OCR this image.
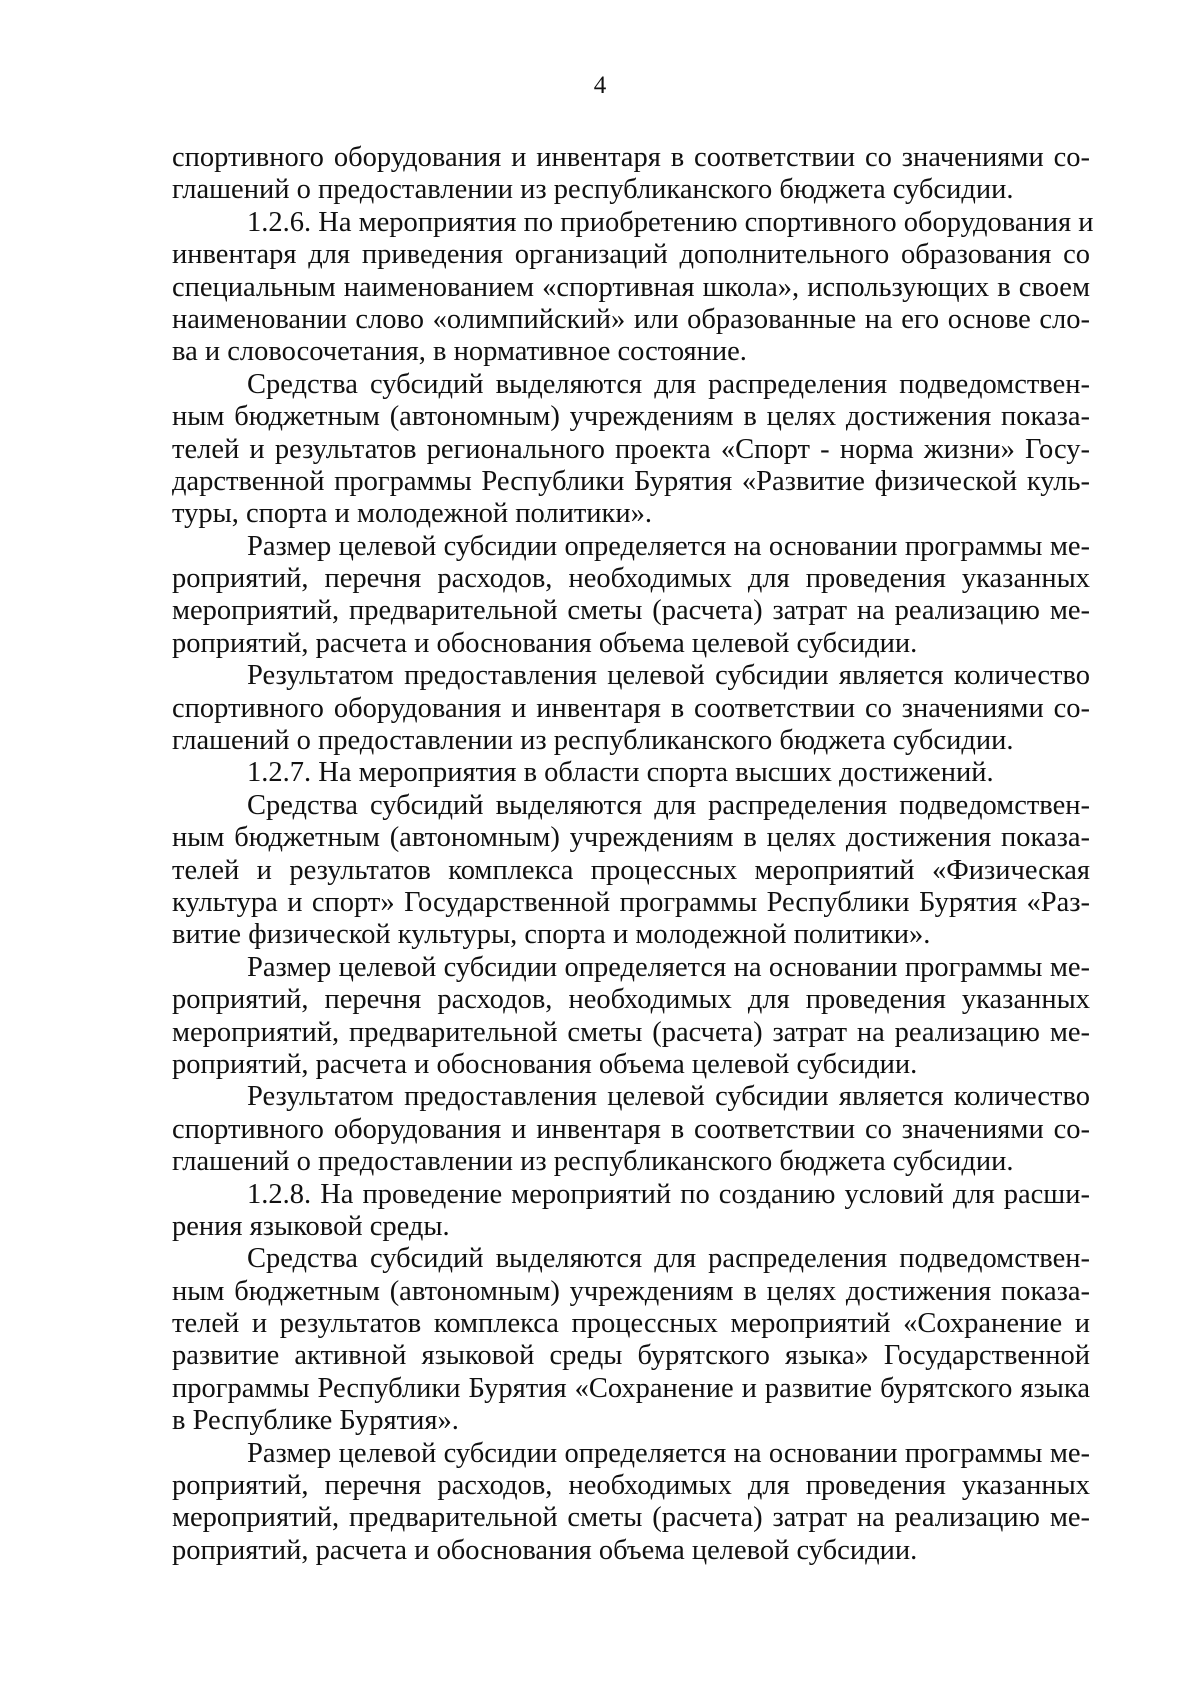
4
спортивного оборудования и инвентаря в соответствии со значениями со-
глашений о предоставлении из республиканского бюджета субсидии.
1.2.6. На мероприятия по приобретению спортивного оборудования и
инвентаря для приведения организаций дополнительного образования со
специальным наименованием «спортивная школа», использующих в своем
наименовании слово «олимпийский» или образованные на его основе сло-
ва и словосочетания, в нормативное состояние.
Средства субсидий выделяются для распределения подведомствен-
ным бюджетным (автономным) учреждениям в целях достижения показа-
телей и результатов регионального проекта «Спорт - норма жизни» Госу-
дарственной программы Республики Бурятия «Развитие физической куль-
туры, спорта и молодежной политики».
Размер целевой субсидии определяется на основании программы ме-
роприятий, перечня расходов, необходимых для проведения указанных
мероприятий, предварительной сметы (расчета) затрат на реализацию ме-
роприятий, расчета и обоснования объема целевой субсидии.
Результатом предоставления целевой субсидии является количество
спортивного оборудования и инвентаря в соответствии со значениями со-
глашений о предоставлении из республиканского бюджета субсидии.
1.2.7. На мероприятия в области спорта высших достижений.
Средства субсидий выделяются для распределения подведомствен-
ным бюджетным (автономным) учреждениям в целях достижения показа-
телей и результатов комплекса процессных мероприятий «Физическая
культура и спорт» Государственной программы Республики Бурятия «Раз-
витие физической культуры, спорта и молодежной политики».
Размер целевой субсидии определяется на основании программы ме-
роприятий, перечня расходов, необходимых для проведения указанных
мероприятий, предварительной сметы (расчета) затрат на реализацию ме-
роприятий, расчета и обоснования объема целевой субсидии.
Результатом предоставления целевой субсидии является количество
спортивного оборудования и инвентаря в соответствии со значениями со-
глашений о предоставлении из республиканского бюджета субсидии.
1.2.8. На проведение мероприятий по созданию условий для расши-
рения языковой среды.
Средства субсидий выделяются для распределения подведомствен-
ным бюджетным (автономным) учреждениям в целях достижения показа-
телей и результатов комплекса процессных мероприятий «Сохранение и
развитие активной языковой среды бурятского языка» Государственной
программы Республики Бурятия «Сохранение и развитие бурятского языка
в Республике Бурятия».
Размер целевой субсидии определяется на основании программы ме-
роприятий, перечня расходов, необходимых для проведения указанных
мероприятий, предварительной сметы (расчета) затрат на реализацию ме-
роприятий, расчета и обоснования объема целевой субсидии.
